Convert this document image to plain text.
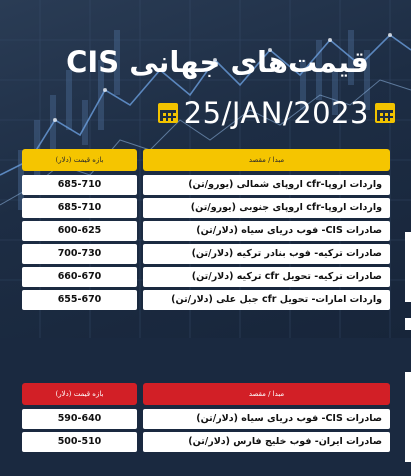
قیمت‌های جهانی CIS
25/JAN/2023
بازه قیمت (دلار)	مبدا / مقصد
685-710	واردات اروپا-cfr اروپای شمالی (یورو/تن)
685-710	واردات اروپا-cfr اروپای جنوبی (یورو/تن)
600-625	صادرات CIS- فوب دریای سیاه (دلار/تن)
700-730	صادرات ترکیه- فوب بنادر ترکیه (دلار/تن)
660-670	صادرات ترکیه- تحویل cfr ترکیه (دلار/تن)
655-670	واردات امارات- تحویل cfr جبل علی (دلار/تن)
بازه قیمت (دلار)	مبدا / مقصد
590-640	صادرات CIS- فوب دریای سیاه (دلار/تن)
500-510	صادرات ایران- فوب خلیج فارس (دلار/تن)
